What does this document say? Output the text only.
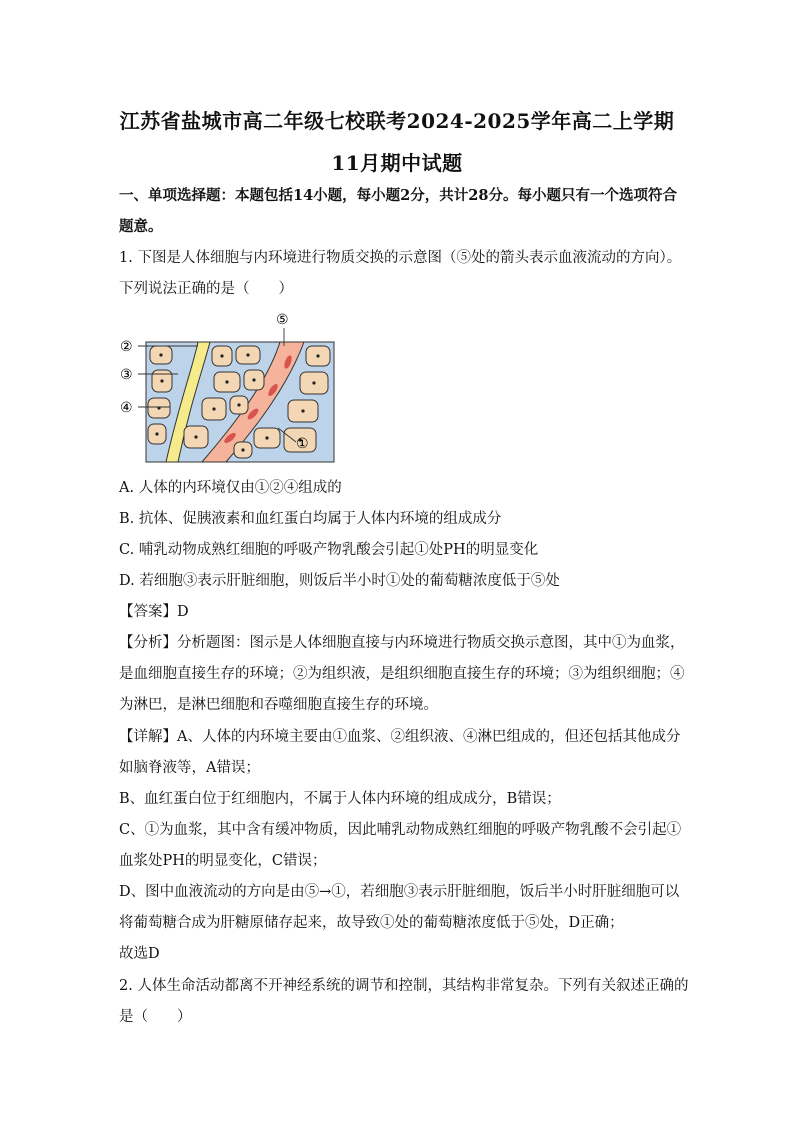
江苏省盐城市高二年级七校联考2024-2025学年高二上学期
11月期中试题
一、单项选择题：本题包括14小题，每小题2分，共计28分。每小题只有一个选项符合
题意。
1. 下图是人体细胞与内环境进行物质交换的示意图（⑤处的箭头表示血液流动的方向）。
下列说法正确的是（　　）
②
③
④
⑤
①
A. 人体的内环境仅由①②④组成的
B. 抗体、促胰液素和血红蛋白均属于人体内环境的组成成分
C. 哺乳动物成熟红细胞的呼吸产物乳酸会引起①处PH的明显变化
D. 若细胞③表示肝脏细胞，则饭后半小时①处的葡萄糖浓度低于⑤处
【答案】D
【分析】分析题图：图示是人体细胞直接与内环境进行物质交换示意图，其中①为血浆，
是血细胞直接生存的环境；②为组织液，是组织细胞直接生存的环境；③为组织细胞；④
为淋巴，是淋巴细胞和吞噬细胞直接生存的环境。
【详解】A、人体的内环境主要由①血浆、②组织液、④淋巴组成的，但还包括其他成分
如脑脊液等，A错误；
B、血红蛋白位于红细胞内，不属于人体内环境的组成成分，B错误；
C、①为血浆，其中含有缓冲物质，因此哺乳动物成熟红细胞的呼吸产物乳酸不会引起①
血浆处PH的明显变化，C错误；
D、图中血液流动的方向是由⑤→①，若细胞③表示肝脏细胞，饭后半小时肝脏细胞可以
将葡萄糖合成为肝糖原储存起来，故导致①处的葡萄糖浓度低于⑤处，D正确；
故选D
2. 人体生命活动都离不开神经系统的调节和控制，其结构非常复杂。下列有关叙述正确的
是（　　）
